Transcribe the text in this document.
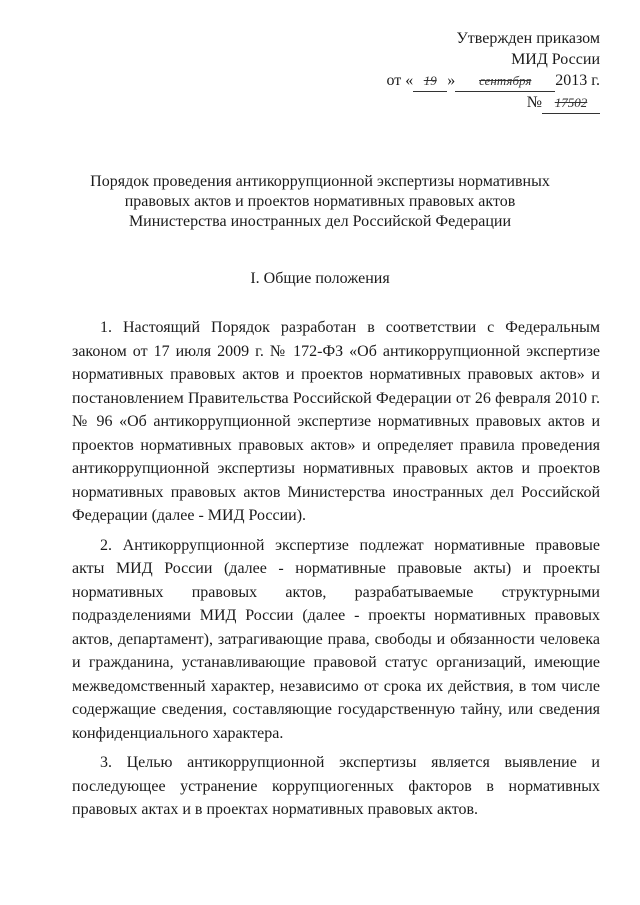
Утвержден приказом
МИД России
от « 19 » сентября 2013 г.
№ 17502
Порядок проведения антикоррупционной экспертизы нормативных
правовых актов и проектов нормативных правовых актов
Министерства иностранных дел Российской Федерации
I. Общие положения

1. Настоящий Порядок разработан в соответствии с Федеральным законом от 17 июля 2009 г. № 172-ФЗ «Об антикоррупционной экспертизе нормативных правовых актов и проектов нормативных правовых актов» и постановлением Правительства Российской Федерации от 26 февраля 2010 г. № 96 «Об антикоррупционной экспертизе нормативных правовых актов и проектов нормативных правовых актов» и определяет правила проведения антикоррупционной экспертизы нормативных правовых актов и проектов нормативных правовых актов Министерства иностранных дел Российской Федерации (далее - МИД России).

2. Антикоррупционной экспертизе подлежат нормативные правовые акты МИД России (далее - нормативные правовые акты) и проекты нормативных правовых актов, разрабатываемые структурными подразделениями МИД России (далее - проекты нормативных правовых актов, департамент), затрагивающие права, свободы и обязанности человека и гражданина, устанавливающие правовой статус организаций, имеющие межведомственный характер, независимо от срока их действия, в том числе содержащие сведения, составляющие государственную тайну, или сведения конфиденциального характера.

3. Целью антикоррупционной экспертизы является выявление и последующее устранение коррупциогенных факторов в нормативных правовых актах и в проектах нормативных правовых актов.
